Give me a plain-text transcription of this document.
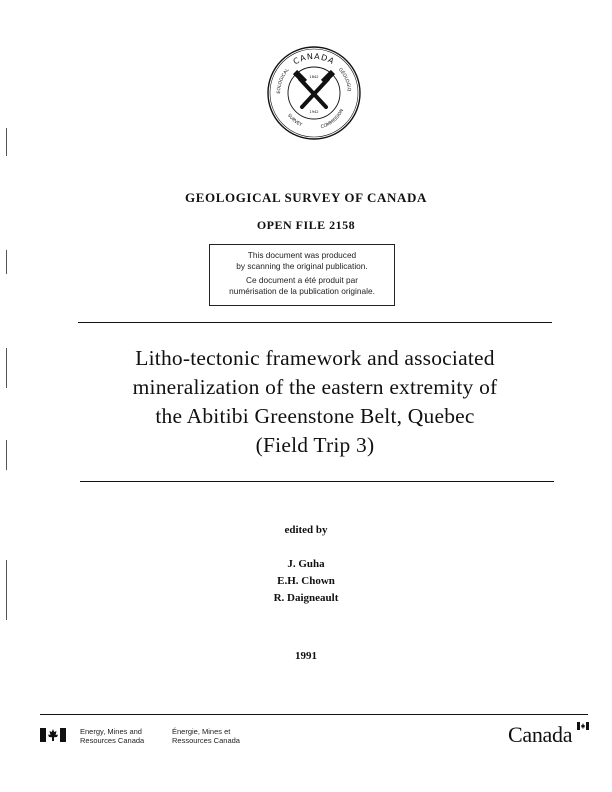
CANADA
EOLOGICAL	GÉOLOGIQ
SURVEY	COMMISSION
1842
1942
GEOLOGICAL SURVEY OF CANADA
OPEN FILE 2158
This document was produced
by scanning the original publication.
Ce document a été produit par
numérisation de la publication originale.
Litho-tectonic framework and associated
mineralization of the eastern extremity of
the Abitibi Greenstone Belt, Quebec
(Field Trip 3)
edited by
J. Guha
E.H. Chown
R. Daigneault
1991
Energy, Mines and
Resources Canada
Énergie, Mines et
Ressources Canada	Canada
